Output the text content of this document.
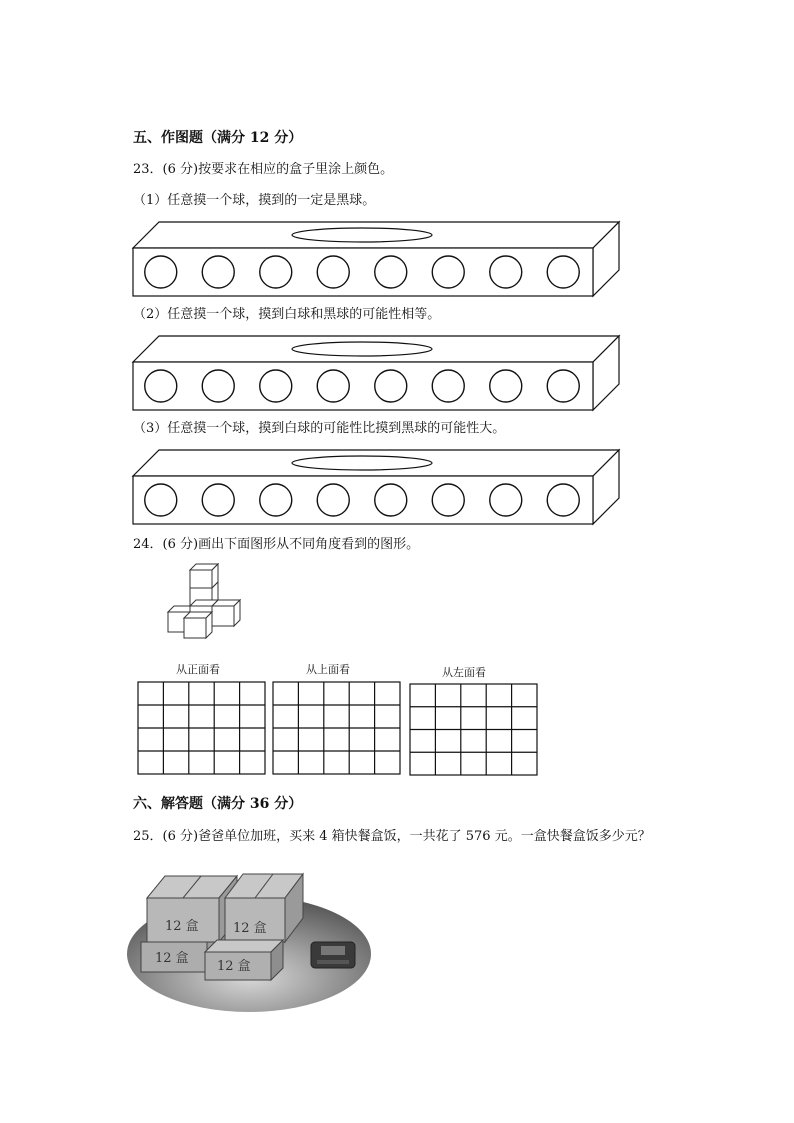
五、作图题（满分 12 分）
23．(6 分)按要求在相应的盒子里涂上颜色。
（1）任意摸一个球，摸到的一定是黑球。
（2）任意摸一个球，摸到白球和黑球的可能性相等。
（3）任意摸一个球，摸到白球的可能性比摸到黑球的可能性大。
24．(6 分)画出下面图形从不同角度看到的图形。
从正面看	从上面看	从左面看
六、解答题（满分 36 分）
25．(6 分)爸爸单位加班，买来 4 箱快餐盒饭，一共花了 576 元。一盒快餐盒饭多少元？
12 盒	12 盒
12 盒
12 盒
